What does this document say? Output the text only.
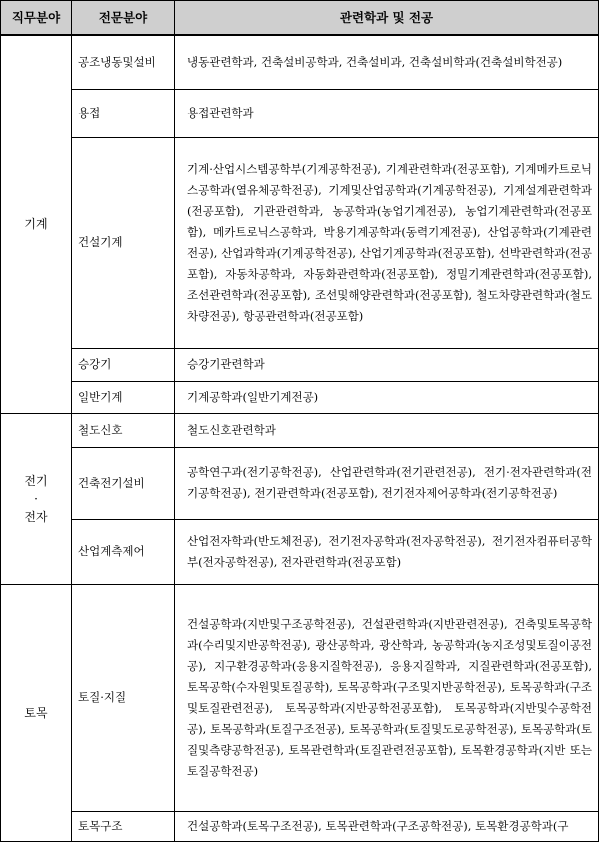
직무분야	전문분야	관련학과 및 전공

기계	공조냉동및설비	냉동관련학과, 건축설비공학과, 건축설비과, 건축설비학과(건축설비학전공)
	용접	용접관련학과
	건설기계	기계·산업시스템공학부(기계공학전공), 기계관련학과(전공포함), 기계메카트로닉스공학과(열유체공학전공), 기계및산업공학과(기계공학전공), 기계설계관련학과(전공포함), 기관관련학과, 농공학과(농업기계전공), 농업기계관련학과(전공포함), 메카트로닉스공학과, 박용기계공학과(동력기계전공), 산업공학과(기계관련전공), 산업과학과(기계공학전공), 산업기계공학과(전공포함), 선박관련학과(전공포함), 자동차공학과, 자동화관련학과(전공포함), 정밀기계관련학과(전공포함), 조선관련학과(전공포함), 조선및해양관련학과(전공포함), 철도차량관련학과(철도차량전공), 항공관련학과(전공포함)
	승강기	승강기관련학과
	일반기계	기계공학과(일반기계전공)

전기
·
전자	철도신호	철도신호관련학과
	건축전기설비	공학연구과(전기공학전공), 산업관련학과(전기관련전공), 전기·전자관련학과(전기공학전공), 전기관련학과(전공포함), 전기전자제어공학과(전기공학전공)
	산업계측제어	산업전자학과(반도체전공), 전기전자공학과(전자공학전공), 전기전자컴퓨터공학부(전자공학전공), 전자관련학과(전공포함)

토목	토질·지질	건설공학과(지반및구조공학전공), 건설관련학과(지반관련전공), 건축및토목공학과(수리및지반공학전공), 광산공학과, 광산학과, 농공학과(농지조성및토질이공전공), 지구환경공학과(응용지질학전공), 응용지질학과, 지질관련학과(전공포함), 토목공학(수자원및토질공학), 토목공학과(구조및지반공학전공), 토목공학과(구조및토질관련전공), 토목공학과(지반공학전공포함), 토목공학과(지반및수공학전공), 토목공학과(토질구조전공), 토목공학과(토질및도로공학전공), 토목공학과(토질및측량공학전공), 토목관련학과(토질관련전공포함), 토목환경공학과(지반 또는 토질공학전공)
	토목구조	건설공학과(토목구조전공), 토목관련학과(구조공학전공), 토목환경공학과(구
